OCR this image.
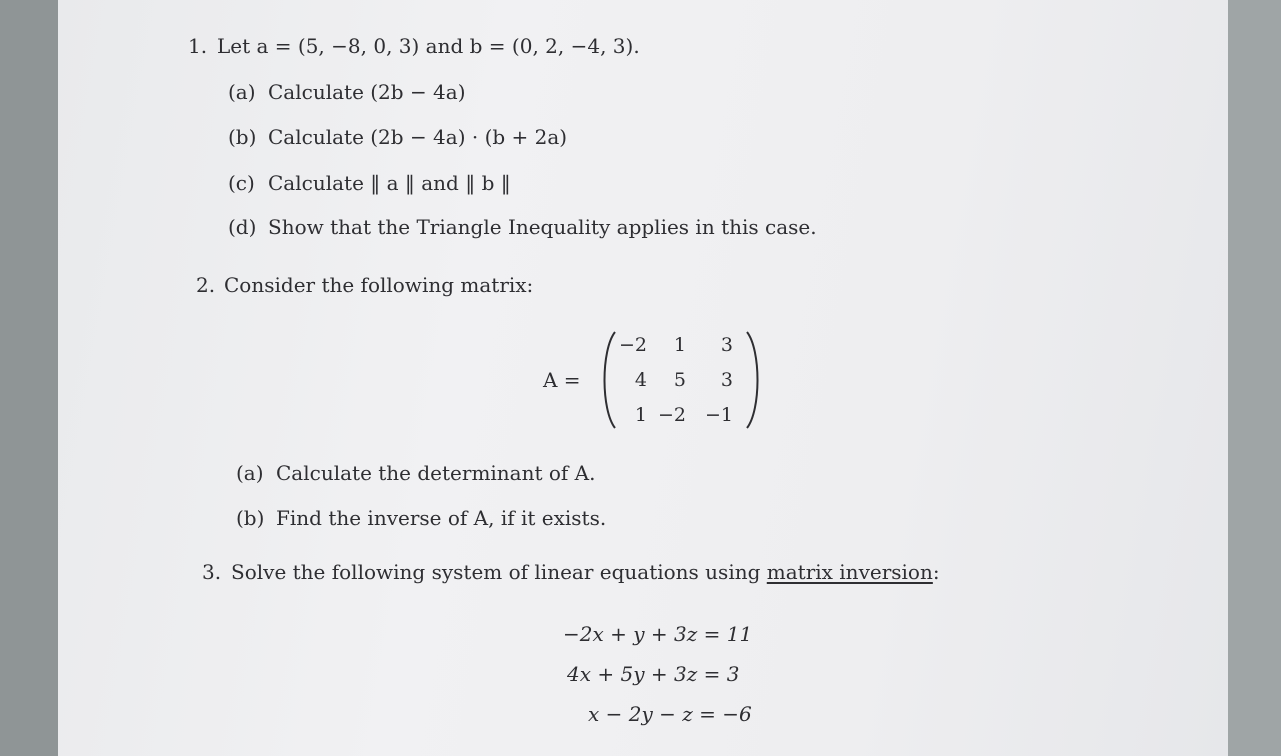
1. Let a = (5, −8, 0, 3) and b = (0, 2, −4, 3).
(a) Calculate (2b − 4a)
(b) Calculate (2b − 4a) · (b + 2a)
(c) Calculate ‖ a ‖ and ‖ b ‖
(d) Show that the Triangle Inequality applies in this case.
2. Consider the following matrix:
A =
−2	1	3
4	5	3
1 −2 −1
(a) Calculate the determinant of A.
(b) Find the inverse of A, if it exists.
3. Solve the following system of linear equations using matrix inversion:
−2x + y + 3z = 11
4x + 5y + 3z = 3
x − 2y − z = −6
